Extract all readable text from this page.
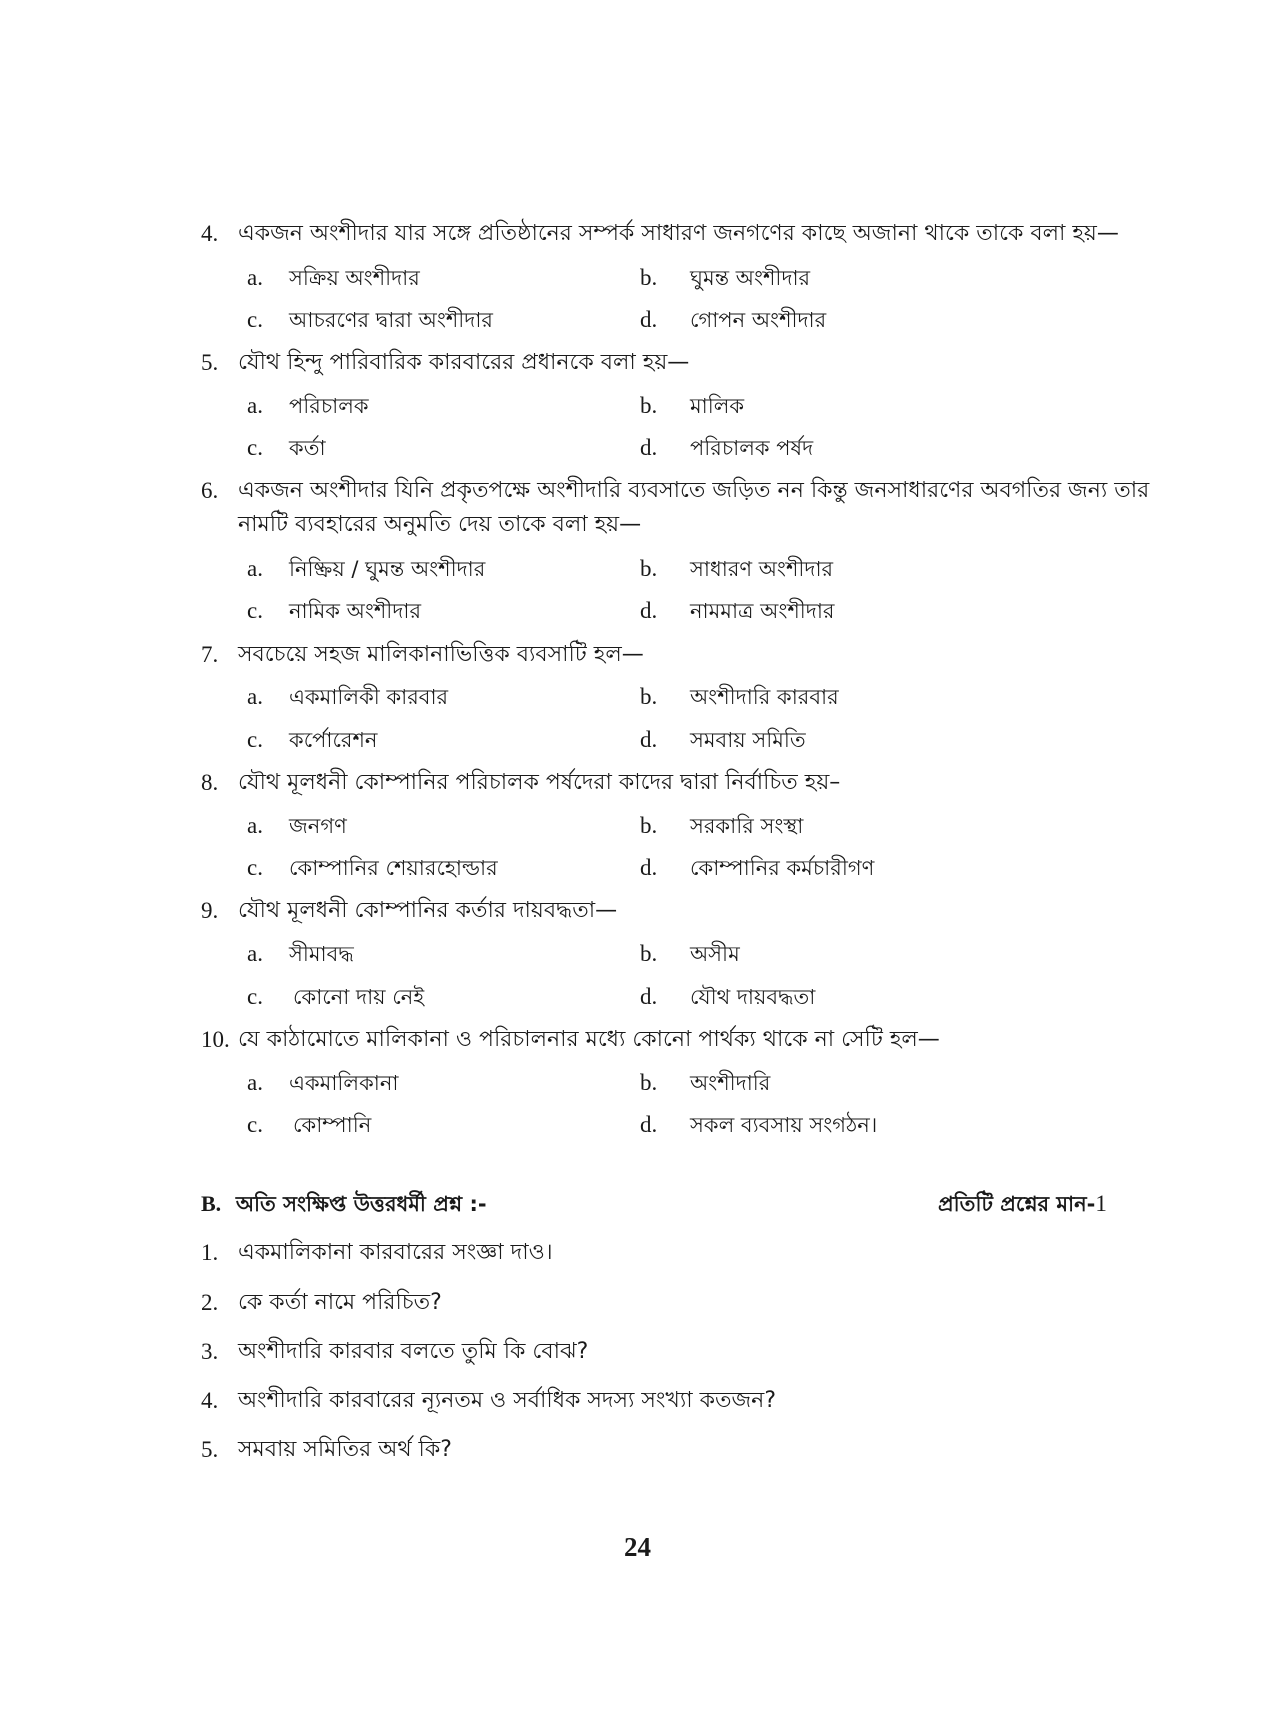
4. একজন অংশীদার যার সঙ্গে প্রতিষ্ঠানের সম্পর্ক সাধারণ জনগণের কাছে অজানা থাকে তাকে বলা হয়—
a. সক্রিয় অংশীদার	b. ঘুমন্ত অংশীদার
c. আচরণের দ্বারা অংশীদার	d. গোপন অংশীদার
5. যৌথ হিন্দু পারিবারিক কারবারের প্রধানকে বলা হয়—
a. পরিচালক	b. মালিক
c. কর্তা	d. পরিচালক পর্ষদ
6. একজন অংশীদার যিনি প্রকৃতপক্ষে অংশীদারি ব্যবসাতে জড়িত নন কিন্তু জনসাধারণের অবগতির জন্য তার
নামটি ব্যবহারের অনুমতি দেয় তাকে বলা হয়—
a. নিষ্ক্রিয় / ঘুমন্ত অংশীদার	b. সাধারণ অংশীদার
c. নামিক অংশীদার	d. নামমাত্র অংশীদার
7. সবচেয়ে সহজ মালিকানাভিত্তিক ব্যবসাটি হল—
a. একমালিকী কারবার	b. অংশীদারি কারবার
c. কর্পোরেশন	d. সমবায় সমিতি
8. যৌথ মূলধনী কোম্পানির পরিচালক পর্ষদেরা কাদের দ্বারা নির্বাচিত হয়–
a. জনগণ	b. সরকারি সংস্থা
c. কোম্পানির শেয়ারহোল্ডার	d. কোম্পানির কর্মচারীগণ
9. যৌথ মূলধনী কোম্পানির কর্তার দায়বদ্ধতা—
a. সীমাবদ্ধ	b. অসীম
c. কোনো দায় নেই	d. যৌথ দায়বদ্ধতা
10. যে কাঠামোতে মালিকানা ও পরিচালনার মধ্যে কোনো পার্থক্য থাকে না সেটি হল—
a. একমালিকানা	b. অংশীদারি
c. কোম্পানি	d. সকল ব্যবসায় সংগঠন।
B. অতি সংক্ষিপ্ত উত্তরধর্মী প্রশ্ন :-	প্রতিটি প্রশ্নের মান-1
1. একমালিকানা কারবারের সংজ্ঞা দাও।
2. কে কর্তা নামে পরিচিত?
3. অংশীদারি কারবার বলতে তুমি কি বোঝ?
4. অংশীদারি কারবারের ন্যূনতম ও সর্বাধিক সদস্য সংখ্যা কতজন?
5. সমবায় সমিতির অর্থ কি?
24
